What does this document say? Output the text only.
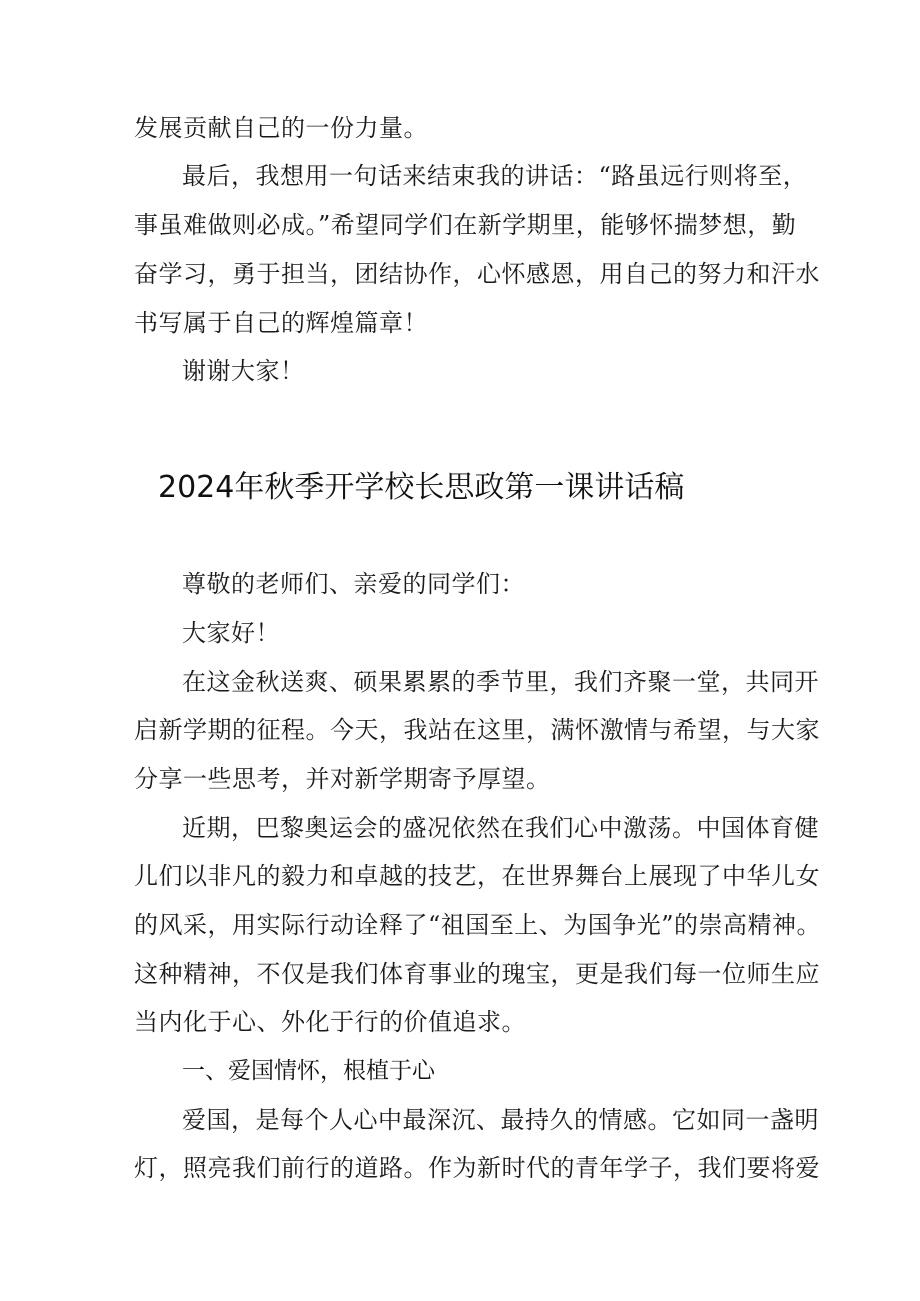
发展贡献自己的一份力量。
最后，我想用一句话来结束我的讲话：“路虽远行则将至，
事虽难做则必成。”希望同学们在新学期里，能够怀揣梦想，勤
奋学习，勇于担当，团结协作，心怀感恩，用自己的努力和汗水
书写属于自己的辉煌篇章！
谢谢大家！
2024年秋季开学校长思政第一课讲话稿
尊敬的老师们、亲爱的同学们：
大家好！
在这金秋送爽、硕果累累的季节里，我们齐聚一堂，共同开
启新学期的征程。今天，我站在这里，满怀激情与希望，与大家
分享一些思考，并对新学期寄予厚望。
近期，巴黎奥运会的盛况依然在我们心中激荡。中国体育健
儿们以非凡的毅力和卓越的技艺，在世界舞台上展现了中华儿女
的风采，用实际行动诠释了“祖国至上、为国争光”的崇高精神。
这种精神，不仅是我们体育事业的瑰宝，更是我们每一位师生应
当内化于心、外化于行的价值追求。
一、爱国情怀，根植于心
爱国，是每个人心中最深沉、最持久的情感。它如同一盏明
灯，照亮我们前行的道路。作为新时代的青年学子，我们要将爱
